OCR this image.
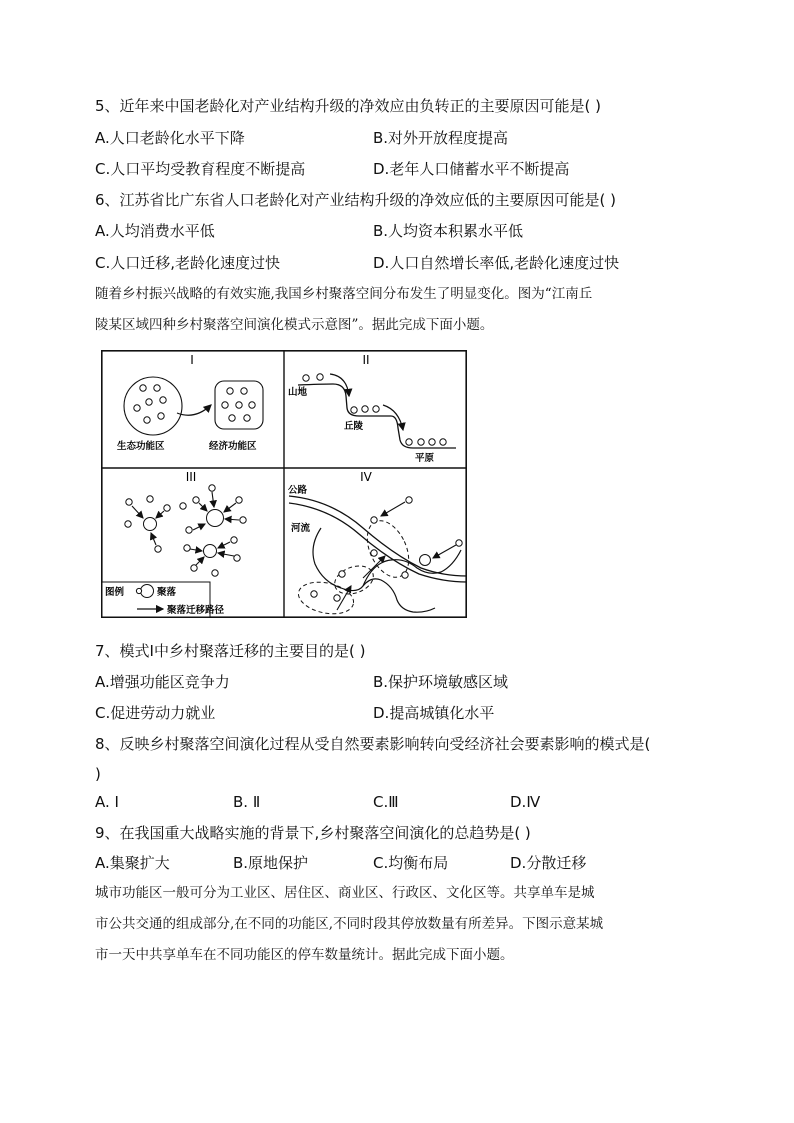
5、近年来中国老龄化对产业结构升级的净效应由负转正的主要原因可能是( )
A.人口老龄化水平下降	B.对外开放程度提高
C.人口平均受教育程度不断提高	D.老年人口储蓄水平不断提高
6、江苏省比广东省人口老龄化对产业结构升级的净效应低的主要原因可能是( )
A.人均消费水平低	B.人均资本积累水平低
C.人口迁移,老龄化速度过快	D.人口自然增长率低,老龄化速度过快
随着乡村振兴战略的有效实施,我国乡村聚落空间分布发生了明显变化。图为“江南丘
陵某区域四种乡村聚落空间演化模式示意图”。据此完成下面小题。
I	II
III	IV
生态功能区	经济功能区
山地
丘陵
平原
图例	聚落
聚落迁移路径
公路
河流
7、模式Ⅰ中乡村聚落迁移的主要目的是( )
A.增强功能区竞争力	B.保护环境敏感区域
C.促进劳动力就业	D.提高城镇化水平
8、反映乡村聚落空间演化过程从受自然要素影响转向受经济社会要素影响的模式是(
)
A. Ⅰ	B. Ⅱ	C.Ⅲ	D.Ⅳ
9、在我国重大战略实施的背景下,乡村聚落空间演化的总趋势是( )
A.集聚扩大	B.原地保护	C.均衡布局	D.分散迁移
城市功能区一般可分为工业区、居住区、商业区、行政区、文化区等。共享单车是城
市公共交通的组成部分,在不同的功能区,不同时段其停放数量有所差异。下图示意某城
市一天中共享单车在不同功能区的停车数量统计。据此完成下面小题。
